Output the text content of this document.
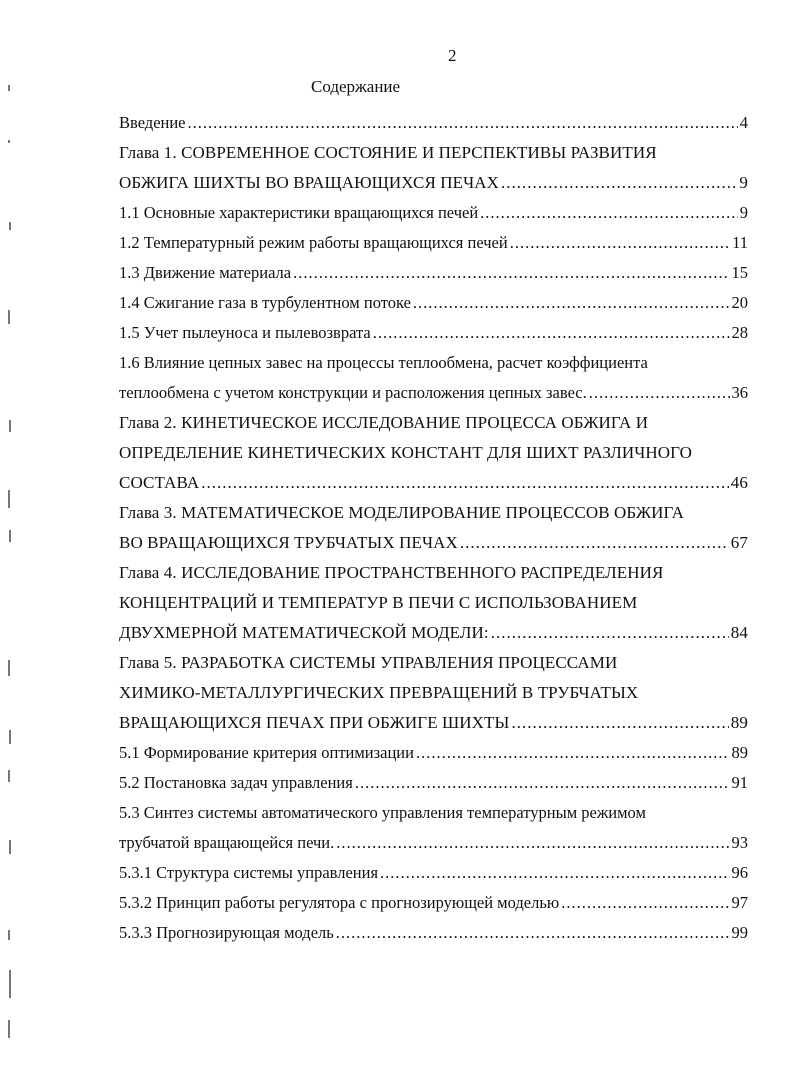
2
Содержание
Введение .....	4
Глава 1. СОВРЕМЕННОЕ СОСТОЯНИЕ И ПЕРСПЕКТИВЫ РАЗВИТИЯ
ОБЖИГА ШИХТЫ ВО ВРАЩАЮЩИХСЯ ПЕЧАХ .....	9
1.1 Основные характеристики вращающихся печей .....	9
1.2 Температурный режим работы вращающихся печей .....	11
1.3 Движение материала .....	15
1.4 Сжигание газа в турбулентном потоке .....	20
1.5 Учет пылеуноса и пылевозврата .....	28
1.6 Влияние цепных завес на процессы теплообмена, расчет коэффициента
теплообмена с учетом конструкции и расположения цепных завес. .....	36
Глава 2. КИНЕТИЧЕСКОЕ ИССЛЕДОВАНИЕ ПРОЦЕССА ОБЖИГА И
ОПРЕДЕЛЕНИЕ КИНЕТИЧЕСКИХ КОНСТАНТ ДЛЯ ШИХТ РАЗЛИЧНОГО
СОСТАВА .....	46
Глава 3. МАТЕМАТИЧЕСКОЕ МОДЕЛИРОВАНИЕ ПРОЦЕССОВ ОБЖИГА
ВО ВРАЩАЮЩИХСЯ ТРУБЧАТЫХ ПЕЧАХ .....	67
Глава 4. ИССЛЕДОВАНИЕ ПРОСТРАНСТВЕННОГО РАСПРЕДЕЛЕНИЯ
КОНЦЕНТРАЦИЙ И ТЕМПЕРАТУР В ПЕЧИ С ИСПОЛЬЗОВАНИЕМ
ДВУХМЕРНОЙ МАТЕМАТИЧЕСКОЙ МОДЕЛИ: .....	84
Глава 5. РАЗРАБОТКА СИСТЕМЫ УПРАВЛЕНИЯ ПРОЦЕССАМИ
ХИМИКО-МЕТАЛЛУРГИЧЕСКИХ ПРЕВРАЩЕНИЙ В ТРУБЧАТЫХ
ВРАЩАЮЩИХСЯ ПЕЧАХ ПРИ ОБЖИГЕ ШИХТЫ .....	89
5.1 Формирование критерия оптимизации .....	89
5.2 Постановка задач управления .....	91
5.3 Синтез системы автоматического управления температурным режимом
трубчатой вращающейся печи. .....	93
5.3.1 Структура системы управления .....	96
5.3.2 Принцип работы регулятора с прогнозирующей моделью .....	97
5.3.3 Прогнозирующая модель .....	99
